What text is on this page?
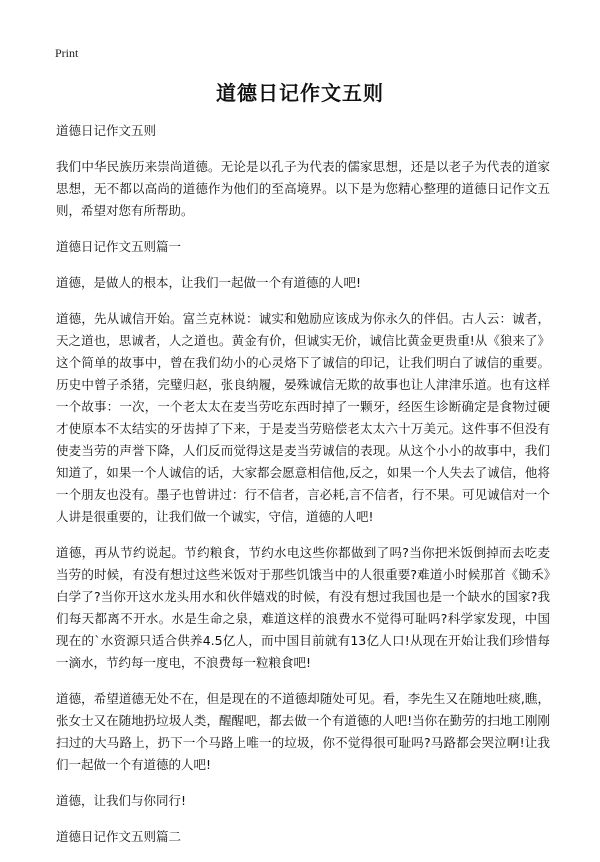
Print
道德日记作文五则

道德日记作文五则

我们中华民族历来崇尚道德。无论是以孔子为代表的儒家思想，还是以老子为代表的道家思想，无不都以高尚的道德作为他们的至高境界。以下是为您精心整理的道德日记作文五则，希望对您有所帮助。

道德日记作文五则篇一

道德，是做人的根本，让我们一起做一个有道德的人吧!

道德，先从诚信开始。富兰克林说：诚实和勉励应该成为你永久的伴侣。古人云：诚者，天之道也，思诚者，人之道也。黄金有价，但诚实无价，诚信比黄金更贵重!从《狼来了》这个简单的故事中，曾在我们幼小的心灵烙下了诚信的印记，让我们明白了诚信的重要。历史中曾子杀猪，完璧归赵，张良纳履，晏殊诚信无欺的故事也让人津津乐道。也有这样一个故事：一次，一个老太太在麦当劳吃东西时掉了一颗牙，经医生诊断确定是食物过硬才使原本不太结实的牙齿掉了下来，于是麦当劳赔偿老太太六十万美元。这件事不但没有使麦当劳的声誉下降，人们反而觉得这是麦当劳诚信的表现。从这个小小的故事中，我们知道了，如果一个人诚信的话，大家都会愿意相信他,反之，如果一个人失去了诚信，他将一个朋友也没有。墨子也曾讲过：行不信者，言必耗,言不信者，行不果。可见诚信对一个人讲是很重要的，让我们做一个诚实，守信，道德的人吧!

道德，再从节约说起。节约粮食，节约水电这些你都做到了吗?当你把米饭倒掉而去吃麦当劳的时候，有没有想过这些米饭对于那些饥饿当中的人很重要?难道小时候那首《锄禾》白学了?当你开这水龙头用水和伙伴嬉戏的时候，有没有想过我国也是一个缺水的国家?我们每天都离不开水。水是生命之泉，难道这样的浪费水不觉得可耻吗?科学家发现，中国现在的`水资源只适合供养4.5亿人，而中国目前就有13亿人口!从现在开始让我们珍惜每一滴水，节约每一度电，不浪费每一粒粮食吧!

道德，希望道德无处不在，但是现在的不道德却随处可见。看，李先生又在随地吐痰,瞧，张女士又在随地扔垃圾人类，醒醒吧，都去做一个有道德的人吧!当你在勤劳的扫地工刚刚扫过的大马路上，扔下一个马路上唯一的垃圾，你不觉得很可耻吗?马路都会哭泣啊!让我们一起做一个有道德的人吧!

道德，让我们与你同行!

道德日记作文五则篇二
